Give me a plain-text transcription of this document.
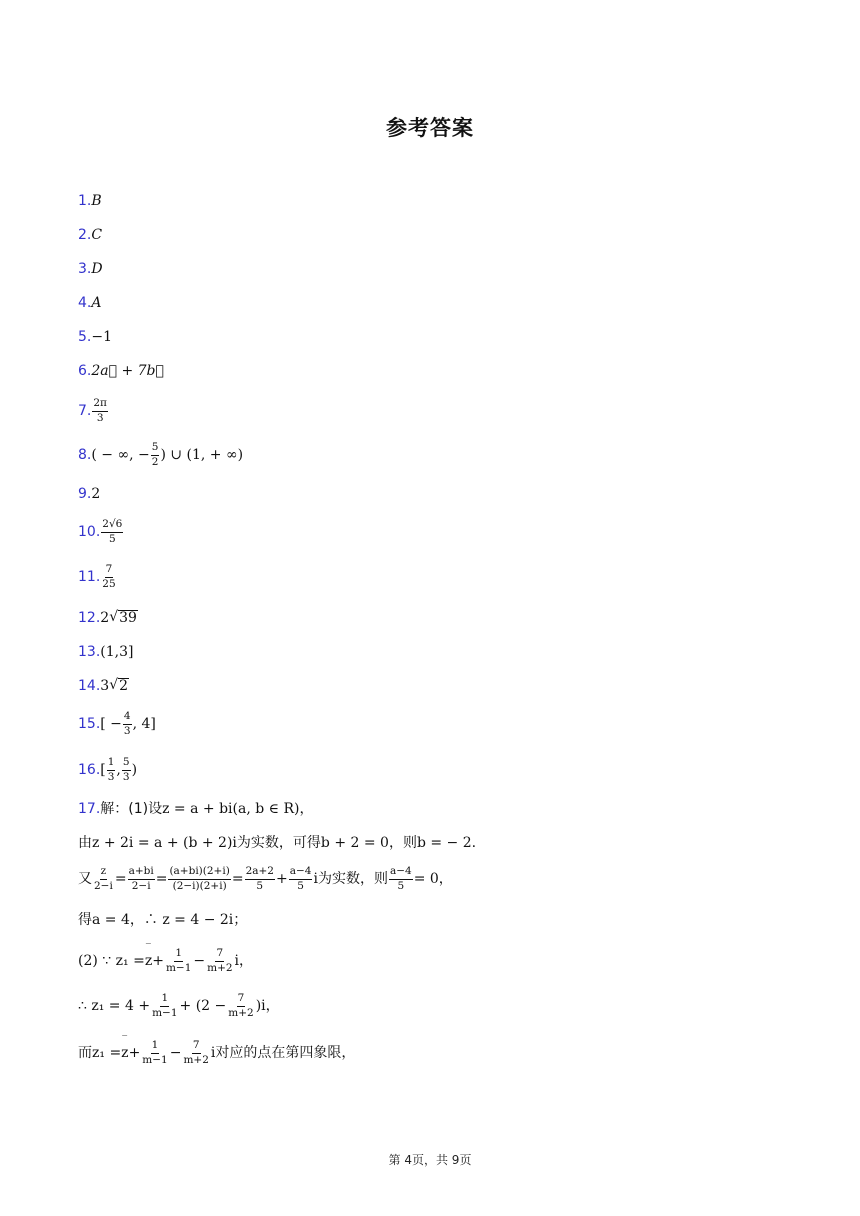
参考答案
1. B
2. C
3. D
4. A
5. −1
6. 2a⃗ + 7b⃗
7. $\frac{2\pi}{3}$
8. ( − ∞, − $\frac{5}{2}$ ) ∪ (1, + ∞)
9. 2
10. $\frac{2√6}{5}$
11. $\frac{7}{25}$
12. 2 √ 39
13. (1,3]
14. 3 √ 2
15. [ − $\frac{4}{3}$ , 4]
16. [ $\frac{1}{3}$ , $\frac{5}{3}$ )
17. 解：(1)设 z = a + bi(a, b ∈ R)，
由z + 2i = a + (b + 2)i为实数，可得b + 2 = 0，则b = − 2.
又 $\frac{z}{2-i} = \frac{a+bi}{2-i} = \frac{(a+bi)(2+i)}{(2-i)(2+i)} = \frac{2a+2}{5} + \frac{a-4}{5}$ i为实数，则 $\frac{a-4}{5} = 0$，
得a = 4，∴ z = 4 − 2i；
(2) ∵ z₁ = ‾ $z + \frac{1}{m-1} - \frac{7}{m+2}$ i，
∴ $z_1 = 4 + \frac{1}{m-1} + (2 - \frac{7}{m+2} )i$，
而z₁ = ‾ $z + \frac{1}{m-1} - \frac{7}{m+2}$ i对应的点在第四象限，
第 4页，共 9页
